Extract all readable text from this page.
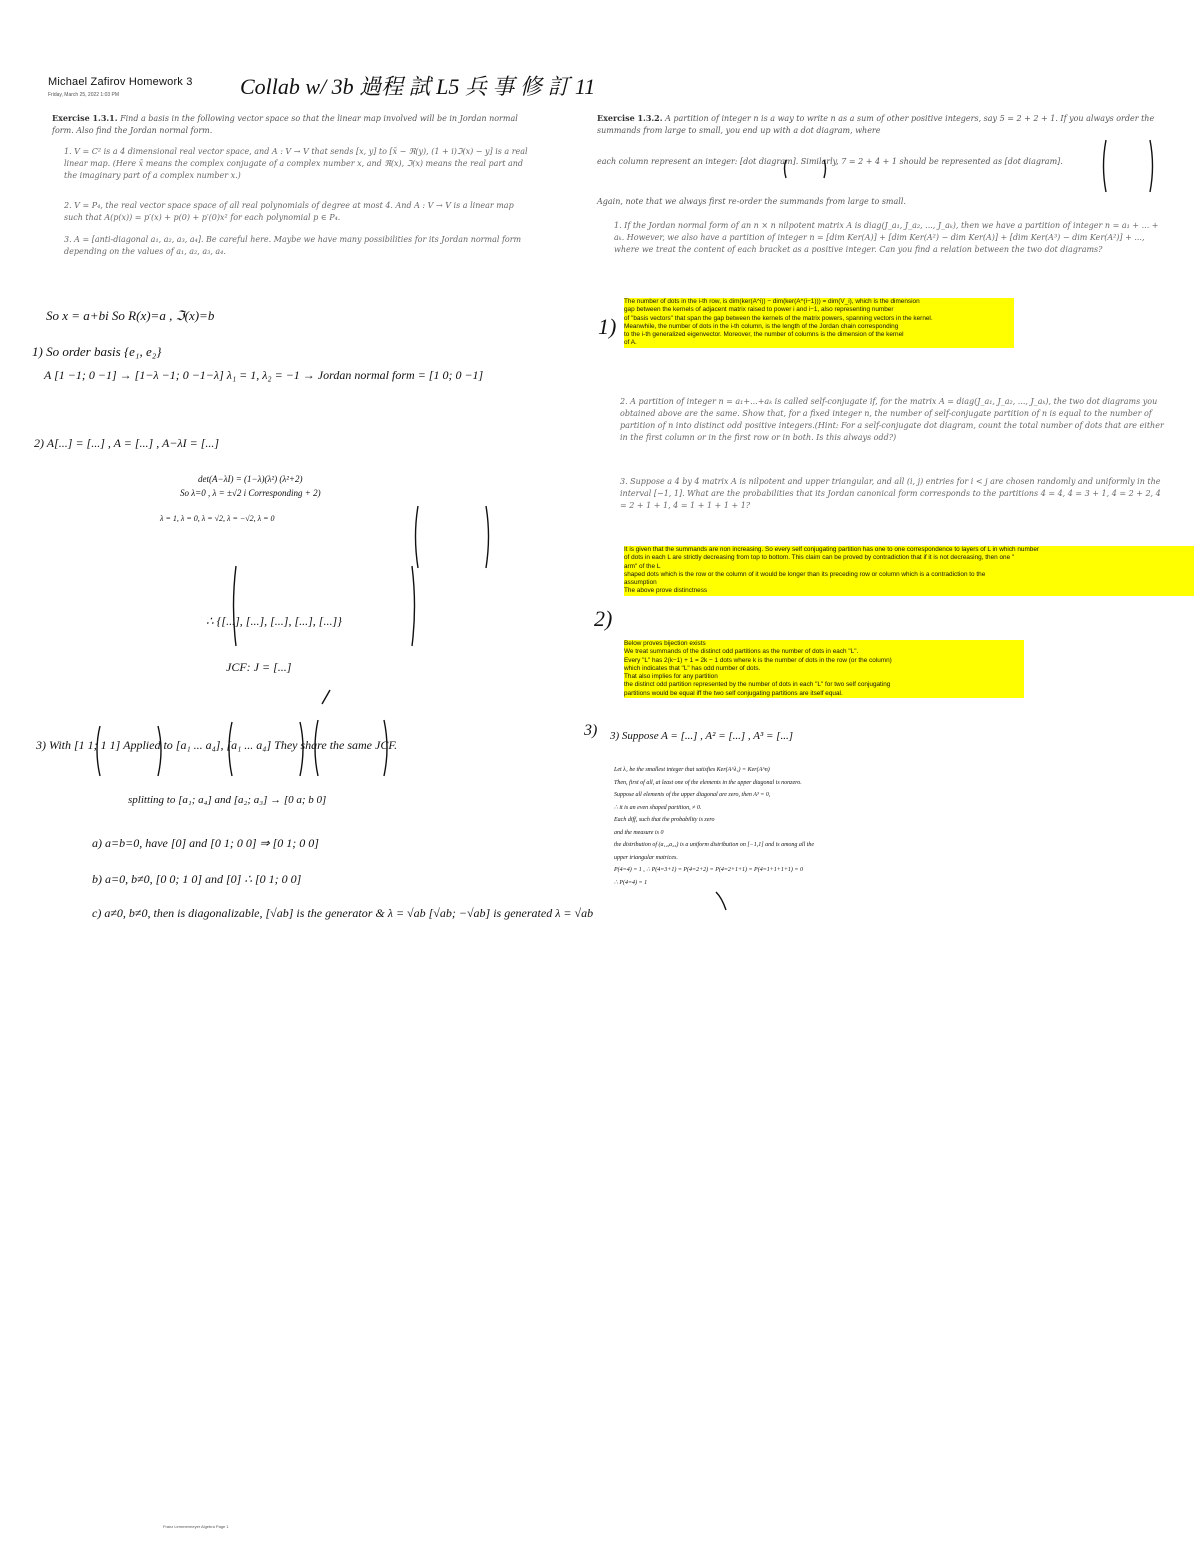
Michael Zafirov Homework 3
Friday, March 25, 2022 1:03 PM	Collab w/ 3b 過程 試 L5 兵 事 修 訂 11
Exercise 1.3.1. Find a basis in the following vector space so that the linear map involved will be in Jordan normal form. Also find the Jordan normal form.
1. V = C² is a 4 dimensional real vector space, and A : V → V that sends [x, y] to [x̄ − ℜ(y), (1 + i)ℑ(x) − y] is a real linear map. (Here x̄ means the complex conjugate of a complex number x, and ℜ(x), ℑ(x) means the real part and the imaginary part of a complex number x.)
2. V = P₄, the real vector space space of all real polynomials of degree at most 4. And A : V → V is a linear map such that A(p(x)) = p′(x) + p(0) + p′(0)x² for each polynomial p ∈ P₄.
3. A = [anti-diagonal a₁, a₂, a₃, a₄]. Be careful here. Maybe we have many possibilities for its Jordan normal form depending on the values of a₁, a₂, a₃, a₄.
So x = a+bi So R(x)=a , ℑ(x)=b
1) So order basis {e₁, e₂}
A [1 −1; 0 −1] → [1−λ −1; 0 −1−λ] λ₁ = 1, λ₂ = −1 → Jordan normal form = [1 0; 0 −1]
2) A[...] = [...] , A = [...] , A−λI = [...]
det(A−λI) = (1−λ)(λ²) (λ²+2)
So λ=0 , λ = ±√2 i Corresponding + 2)
λ = 1, λ = 0, λ = √2, λ = −√2, λ = 0
∴ {[...], [...], [...], [...], [...]}
JCF: J = [...]
3) With [1 1; 1 1] Applied to [a₁ ... a₄], [a₁ ... a₄] They share the same JCF.
splitting to [a₁; a₄] and [a₂; a₃] → [0 a; b 0]
a) a=b=0, have [0] and [0 1; 0 0] ⇒ [0 1; 0 0]
b) a=0, b≠0, [0 0; 1 0] and [0] ∴ [0 1; 0 0]
c) a≠0, b≠0, then is diagonalizable, [√ab] is the generator & λ = √ab [√ab; −√ab] is generated λ = √ab
Exercise 1.3.2. A partition of integer n is a way to write n as a sum of other positive integers, say 5 = 2 + 2 + 1. If you always order the summands from large to small, you end up with a dot diagram, where
each column represent an integer: [dot diagram]. Similarly, 7 = 2 + 4 + 1 should be represented as [dot diagram].
Again, note that we always first re-order the summands from large to small.
1. If the Jordan normal form of an n × n nilpotent matrix A is diag(J_a₁, J_a₂, ..., J_aₖ), then we have a partition of integer n = a₁ + ... + aₖ. However, we also have a partition of integer n = [dim Ker(A)] + [dim Ker(A²) − dim Ker(A)] + [dim Ker(A³) − dim Ker(A²)] + ..., where we treat the content of each bracket as a positive integer. Can you find a relation between the two dot diagrams?
1)
The number of dots in the i-th row, is dim(ker(A^i)) − dim(ker(A^(i−1))) = dim(V_i), which is the dimension
gap between the kernels of adjacent matrix raised to power i and i−1, also representing number
of "basis vectors" that span the gap between the kernels of the matrix powers, spanning vectors in the kernel.
Meanwhile, the number of dots in the i-th column, is the length of the Jordan chain corresponding
to the i-th generalized eigenvector. Moreover, the number of columns is the dimension of the kernel
of A.
2. A partition of integer n = a₁+...+aₖ is called self-conjugate if, for the matrix A = diag(J_a₁, J_a₂, ..., J_aₖ), the two dot diagrams you obtained above are the same. Show that, for a fixed integer n, the number of self-conjugate partition of n is equal to the number of partition of n into distinct odd positive integers.(Hint: For a self-conjugate dot diagram, count the total number of dots that are either in the first column or in the first row or in both. Is this always odd?)
3. Suppose a 4 by 4 matrix A is nilpotent and upper triangular, and all (i, j) entries for i < j are chosen randomly and uniformly in the interval [−1, 1]. What are the probabilities that its Jordan canonical form corresponds to the partitions 4 = 4, 4 = 3 + 1, 4 = 2 + 2, 4 = 2 + 1 + 1, 4 = 1 + 1 + 1 + 1?
It is given that the summands are non increasing. So every self conjugating partition has one to one correspondence to layers of L in which number
of dots in each L are strictly decreasing from top to bottom. This claim can be proved by contradiction that if it is not decreasing, then one "
arm" of the L
shaped dots which is the row or the column of it would be longer than its preceding row or column which is a contradiction to the
assumption
The above prove distinctness
2)
Below proves bijection exists
We treat summands of the distinct odd partitions as the number of dots in each "L".
Every "L" has 2(k−1) + 1 = 2k − 1 dots where k is the number of dots in the row (or the column)
which indicates that "L" has odd number of dots.
That also implies for any partition
the distinct odd partition represented by the number of dots in each "L" for two self conjugating
partitions would be equal iff the two self conjugating partitions are itself equal.
3) 3) Suppose A = [...] , A² = [...] , A³ = [...]
Let λ₁ be the smallest integer that satisfies Ker(A^λ₁) = Ker(A^n)
Then, first of all, at least one of the elements in the upper diagonal is nonzero.
Suppose all elements of the upper diagonal are zero, then A³ = 0,
∴ it is an even shaped partition, ≠ 0.
Each diff, such that the probability is zero
and the measure is 0
the distribution of (a₁₂,a₂₃) is a uniform distribution on [−1,1] and is among all the
upper triangular matrices.
P(4=4) = 1 , ∴ P(4=3+1) = P(4=2+2) = P(4=2+1+1) = P(4=1+1+1+1) = 0
∴ P(4=4) = 1
Franz Lemmermeyer Algebra Page 1
